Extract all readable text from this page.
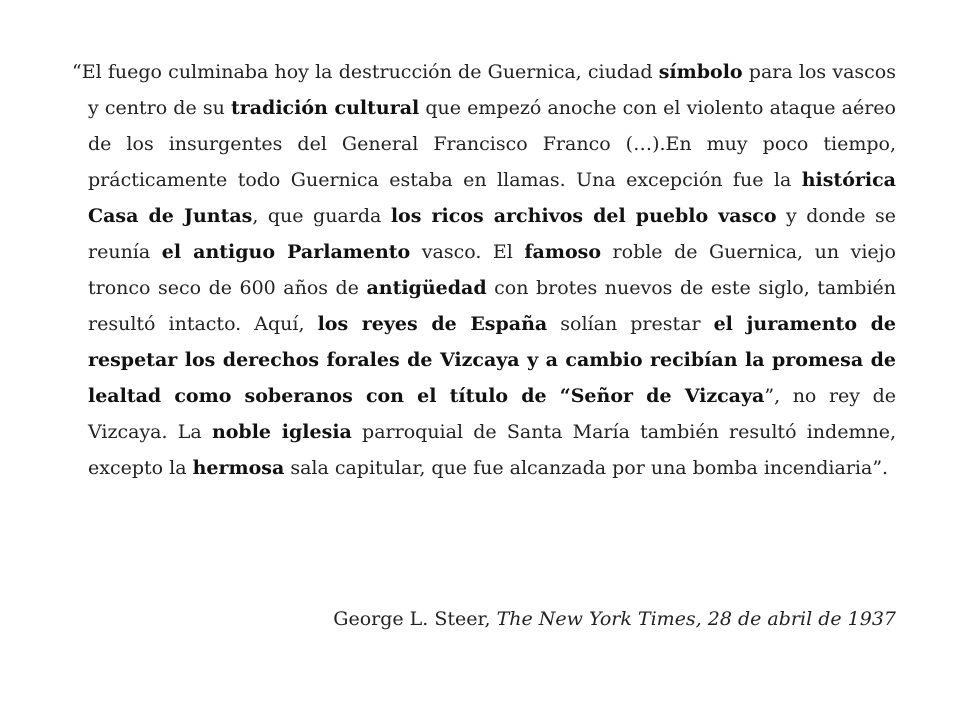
“El fuego culminaba hoy la destrucción de Guernica, ciudad símbolo para los vascos y centro de su tradición cultural que empezó anoche con el violento ataque aéreo de los insurgentes del General Francisco Franco (…).En muy poco tiempo, prácticamente todo Guernica estaba en llamas. Una excepción fue la histórica Casa de Juntas, que guarda los ricos archivos del pueblo vasco y donde se reunía el antiguo Parlamento vasco. El famoso roble de Guernica, un viejo tronco seco de 600 años de antigüedad con brotes nuevos de este siglo, también resultó intacto. Aquí, los reyes de España solían prestar el juramento de respetar los derechos forales de Vizcaya y a cambio recibían la promesa de lealtad como soberanos con el título de “Señor de Vizcaya”, no rey de Vizcaya. La noble iglesia parroquial de Santa María también resultó indemne, excepto la hermosa sala capitular, que fue alcanzada por una bomba incendiaria”.

George L. Steer, The New York Times, 28 de abril de 1937
